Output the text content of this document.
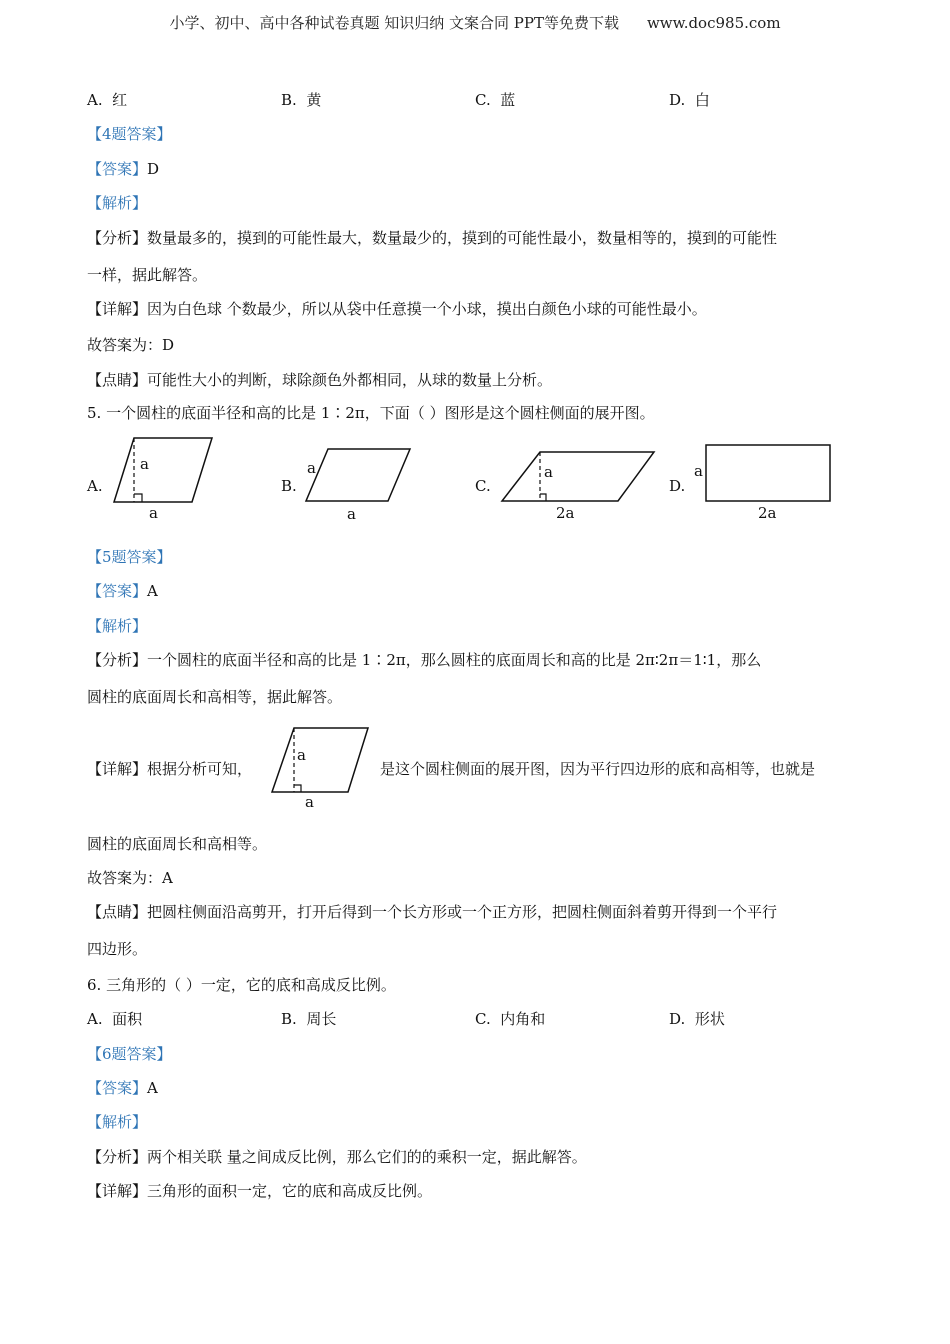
小学、初中、高中各种试卷真题 知识归纳 文案合同 PPT等免费下载 www.doc985.com
A. 红	B. 黄	C. 蓝	D. 白
【4题答案】
【答案】D
【解析】
【分析】数量最多的，摸到的可能性最大，数量最少的，摸到的可能性最小，数量相等的，摸到的可能性
一样，据此解答。
【详解】因为白色球 个数最少，所以从袋中任意摸一个小球，摸出白颜色小球的可能性最小。
故答案为：D
【点睛】可能性大小的判断，球除颜色外都相同，从球的数量上分析。
5. 一个圆柱的底面半径和高的比是 1∶2π，下面（ ）图形是这个圆柱侧面的展开图。
A.
a
a
B.
a
a
C.
a
2a
D.
a
2a
【5题答案】
【答案】A
【解析】
【分析】一个圆柱的底面半径和高的比是 1∶2π，那么圆柱的底面周长和高的比是 2π∶2π＝1∶1，那么
圆柱的底面周长和高相等，据此解答。
【详解】根据分析可知，
a
a
是这个圆柱侧面的展开图，因为平行四边形的底和高相等，也就是
圆柱的底面周长和高相等。
故答案为：A
【点睛】把圆柱侧面沿高剪开，打开后得到一个长方形或一个正方形，把圆柱侧面斜着剪开得到一个平行
四边形。
6. 三角形的（ ）一定，它的底和高成反比例。
A. 面积	B. 周长	C. 内角和	D. 形状
【6题答案】
【答案】A
【解析】
【分析】两个相关联 量之间成反比例，那么它们的的乘积一定，据此解答。
【详解】三角形的面积一定，它的底和高成反比例。
